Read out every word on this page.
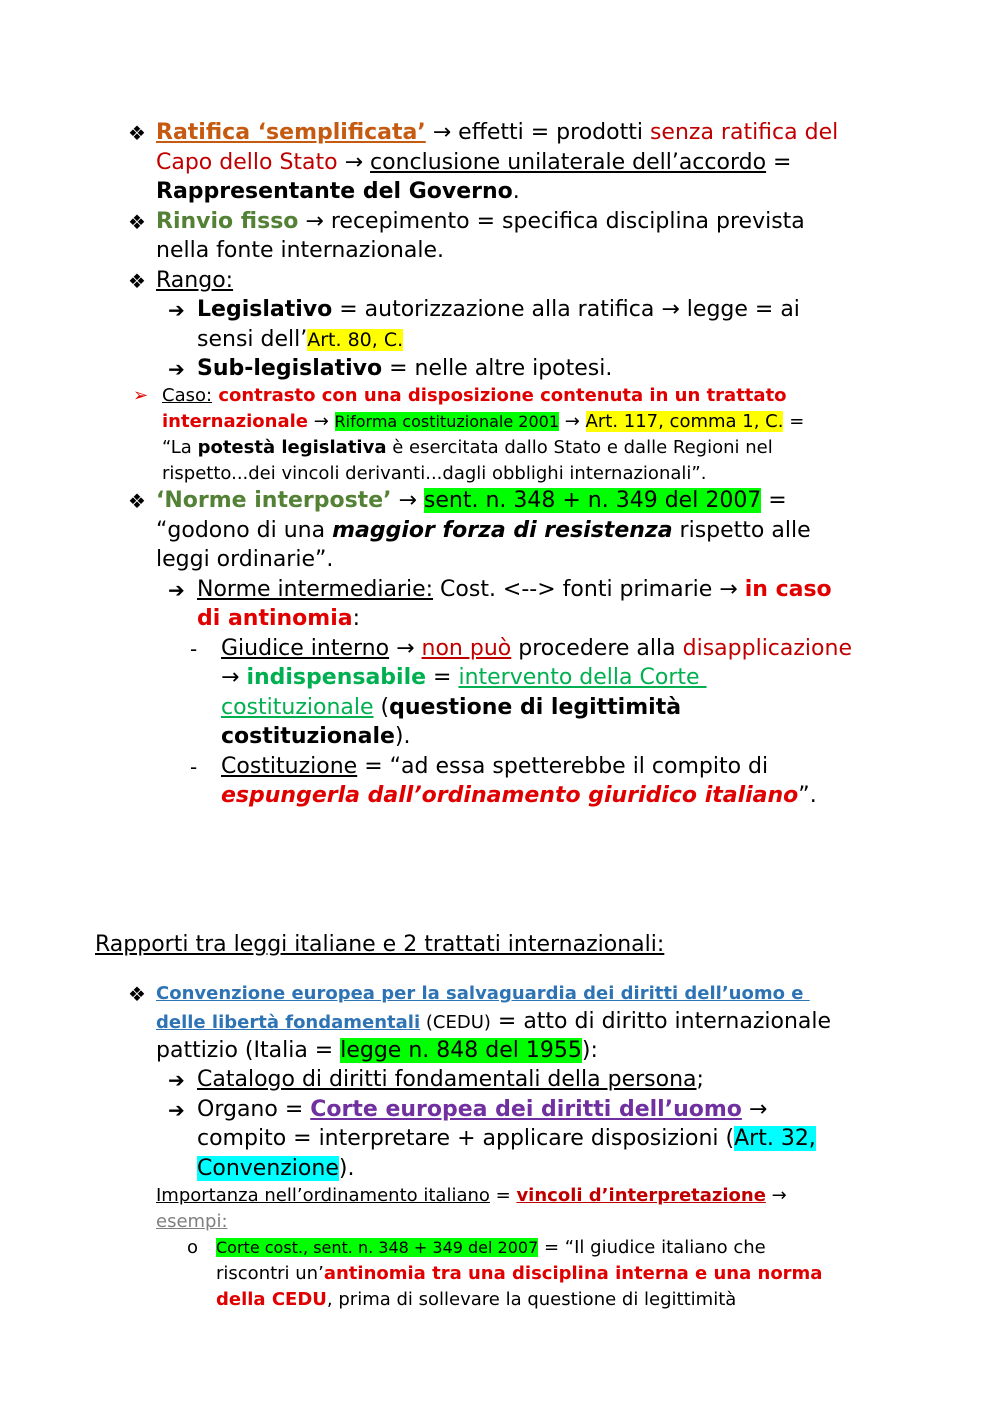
❖ Ratifica ‘semplificata’ → effetti = prodotti senza ratifica del
Capo dello Stato → conclusione unilaterale dell’accordo =
Rappresentante del Governo.
❖ Rinvio fisso → recepimento = specifica disciplina prevista
nella fonte internazionale.
❖ Rango:
➔ Legislativo = autorizzazione alla ratifica → legge = ai
sensi dell’Art. 80, C.
➔ Sub-legislativo = nelle altre ipotesi.
➢ Caso: contrasto con una disposizione contenuta in un trattato
internazionale → Riforma costituzionale 2001 → Art. 117, comma 1, C. =
“La potestà legislativa è esercitata dallo Stato e dalle Regioni nel
rispetto...dei vincoli derivanti...dagli obblighi internazionali”.
❖ ‘Norme interposte’ → sent. n. 348 + n. 349 del 2007 =
“godono di una maggior forza di resistenza rispetto alle
leggi ordinarie”.
➔ Norme intermediarie: Cost. <--> fonti primarie → in caso
di antinomia:
- Giudice interno → non può procedere alla disapplicazione
→ indispensabile = intervento della Corte
costituzionale (questione di legittimità
costituzionale).
- Costituzione = “ad essa spetterebbe il compito di
espungerla dall’ordinamento giuridico italiano”.
Rapporti tra leggi italiane e 2 trattati internazionali:
❖ Convenzione europea per la salvaguardia dei diritti dell’uomo e
delle libertà fondamentali (CEDU) = atto di diritto internazionale
pattizio (Italia = legge n. 848 del 1955):
➔ Catalogo di diritti fondamentali della persona;
➔ Organo = Corte europea dei diritti dell’uomo →
compito = interpretare + applicare disposizioni (Art. 32,
Convenzione).
Importanza nell’ordinamento italiano = vincoli d’interpretazione →
esempi:
o Corte cost., sent. n. 348 + 349 del 2007 = “Il giudice italiano che
riscontri un’antinomia tra una disciplina interna e una norma
della CEDU, prima di sollevare la questione di legittimità
